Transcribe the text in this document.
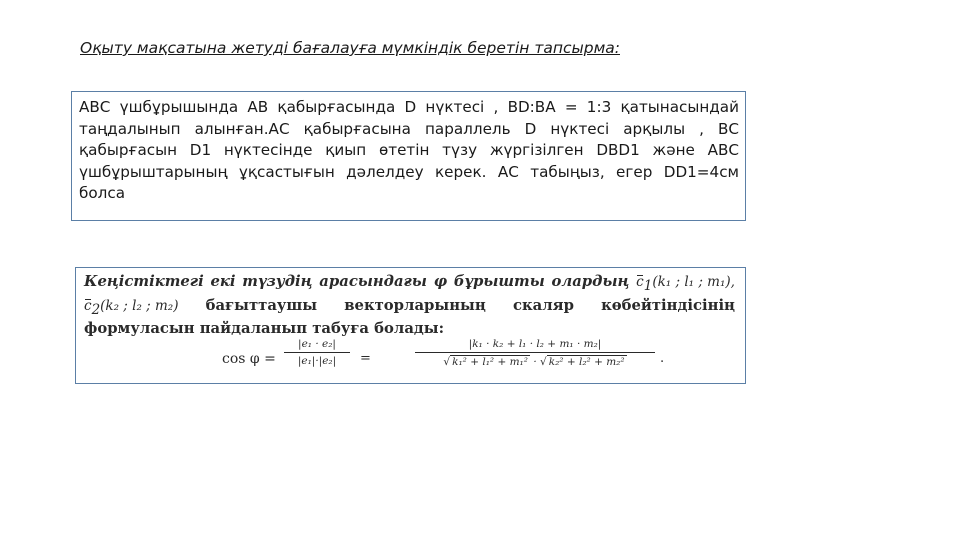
Оқыту мақсатына жетуді бағалауға мүмкіндік беретін тапсырма:
АВС үшбұрышында АВ қабырғасында D нүктесі , BD:BA = 1:3 қатынасындай таңдалынып алынған.АС қабырғасына параллель D нүктесі арқылы , ВС қабырғасын D1 нүктесінде қиып өтетін түзу жүргізілген DBD1 және АВС үшбұрыштарының ұқсастығын дәлелдеу керек. АС табыңыз, егер DD1=4см болса
Кеңістіктегі екі түзудің арасындағы φ бұрышты олардың $c_1(k_1$ ; l₁ ; m₁),
$c_2(k_2$ ; l₂ ; m₂) бағыттаушы векторларының скаляр көбейтіндісінің
формуласын пайдаланып табуға болады:
cos φ =
|e₁ · e₂|
|e₁|·|e₂|	=
|k₁ · k₂ + l₁ · l₂ + m₁ · m₂|
√ k₁² + l₁² + m₁² · √ k₂² + l₂² + m₂²	.
